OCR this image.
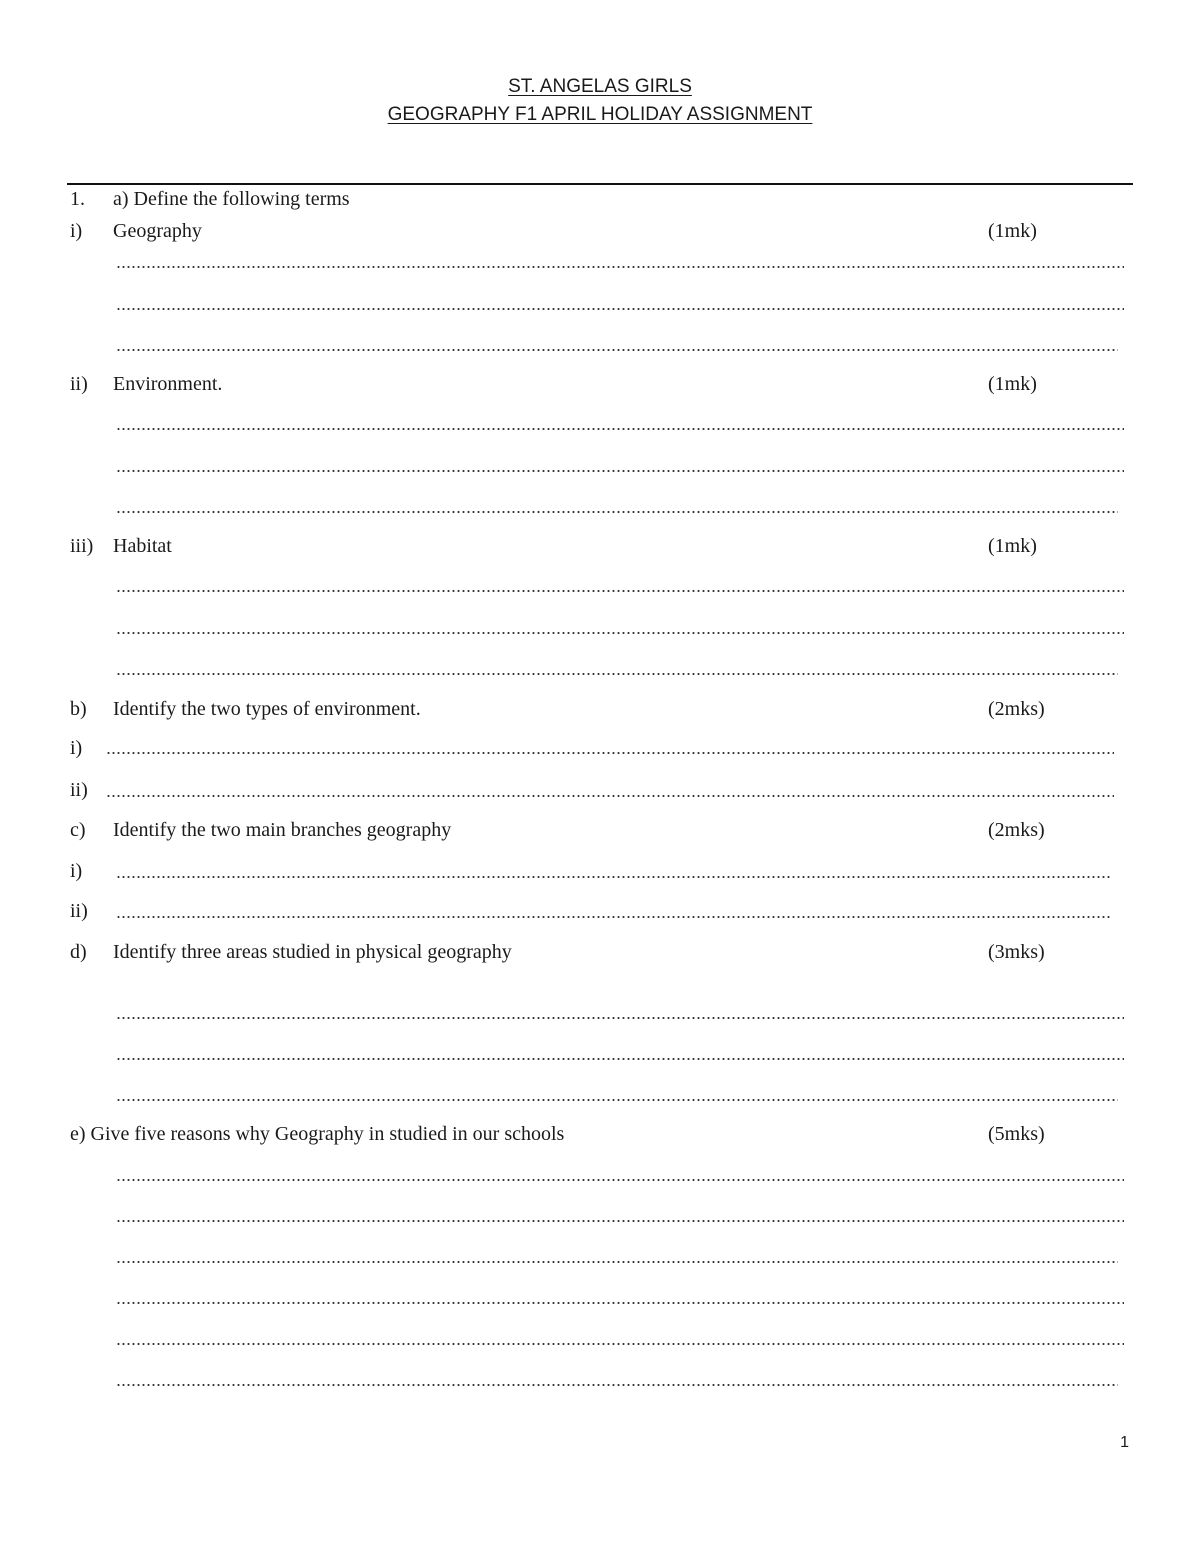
ST. ANGELAS GIRLS
GEOGRAPHY F1 APRIL HOLIDAY ASSIGNMENT
1. a) Define the following terms
i) Geography	(1mk)
ii) Environment.	(1mk)
iii) Habitat	(1mk)
b) Identify the two types of environment.	(2mks)
i)
ii)
c) Identify the two main branches geography	(2mks)
i)
ii)
d) Identify three areas studied in physical geography	(3mks)
e) Give five reasons why Geography in studied in our schools	(5mks)
1
